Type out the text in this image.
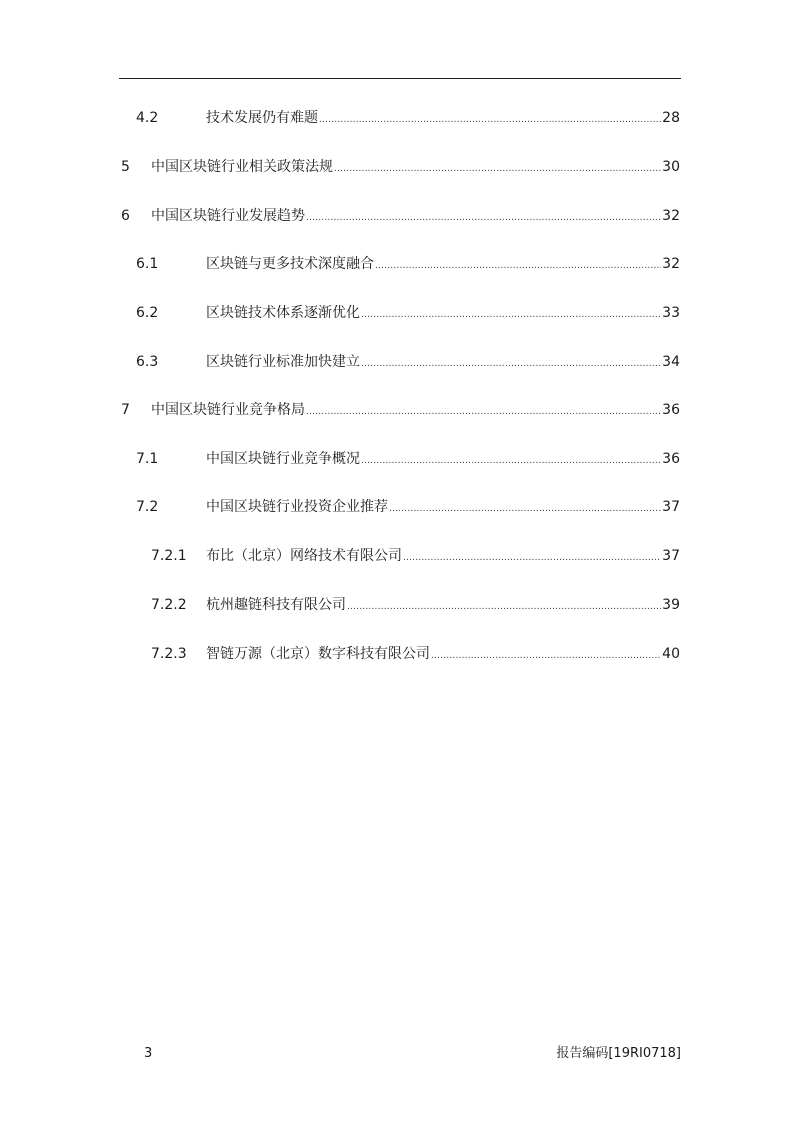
4.2	技术发展仍有难题 .....	28
5	中国区块链行业相关政策法规 .....	30
6	中国区块链行业发展趋势 .....	32
6.1	区块链与更多技术深度融合 .....	32
6.2	区块链技术体系逐渐优化 .....	33
6.3	区块链行业标准加快建立 .....	34
7	中国区块链行业竞争格局 .....	36
7.1	中国区块链行业竞争概况 .....	36
7.2	中国区块链行业投资企业推荐 .....	37
7.2.1	布比（北京）网络技术有限公司 .....	37
7.2.2	杭州趣链科技有限公司 .....	39
7.2.3	智链万源（北京）数字科技有限公司 .....	40
3	报告编码[19RI0718]
